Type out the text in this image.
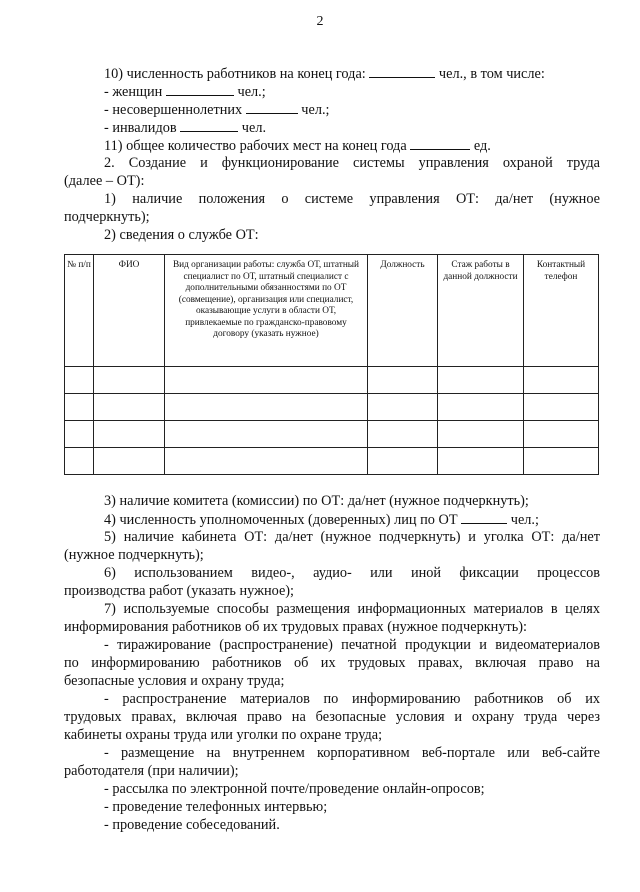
2
10) численность работников на конец года:	чел., в том числе:
- женщин	чел.;
- несовершеннолетних	чел.;
- инвалидов	чел.
11) общее количество рабочих мест на конец года	ед.
2. Создание и функционирование системы управления охраной труда
(далее – ОТ):
1) наличие положения о системе управления ОТ: да/нет (нужное
подчеркнуть);
2) сведения о службе ОТ:
№ п/п	ФИО	Вид организации работы: служба ОТ, штатный специалист по ОТ, штатный специалист с дополнительными обязанностями по ОТ (совмещение), организация или специалист, оказывающие услуги в области ОТ, привлекаемые по гражданско-правовому договору (указать нужное)	Должность	Стаж работы в данной должности	Контактный телефон

3) наличие комитета (комиссии) по ОТ: да/нет (нужное подчеркнуть);
4) численность уполномоченных (доверенных) лиц по ОТ	чел.;
5) наличие кабинета ОТ: да/нет (нужное подчеркнуть) и уголка ОТ: да/нет
(нужное подчеркнуть);
6) использованием видео-, аудио- или иной фиксации процессов
производства работ (указать нужное);
7) используемые способы размещения информационных материалов в целях
информирования работников об их трудовых правах (нужное подчеркнуть):
- тиражирование (распространение) печатной продукции и видеоматериалов
по информированию работников об их трудовых правах, включая право на
безопасные условия и охрану труда;
- распространение материалов по информированию работников об их
трудовых правах, включая право на безопасные условия и охрану труда через
кабинеты охраны труда или уголки по охране труда;
- размещение на внутреннем корпоративном веб-портале или веб-сайте
работодателя (при наличии);
- рассылка по электронной почте/проведение онлайн-опросов;
- проведение телефонных интервью;
- проведение собеседований.
